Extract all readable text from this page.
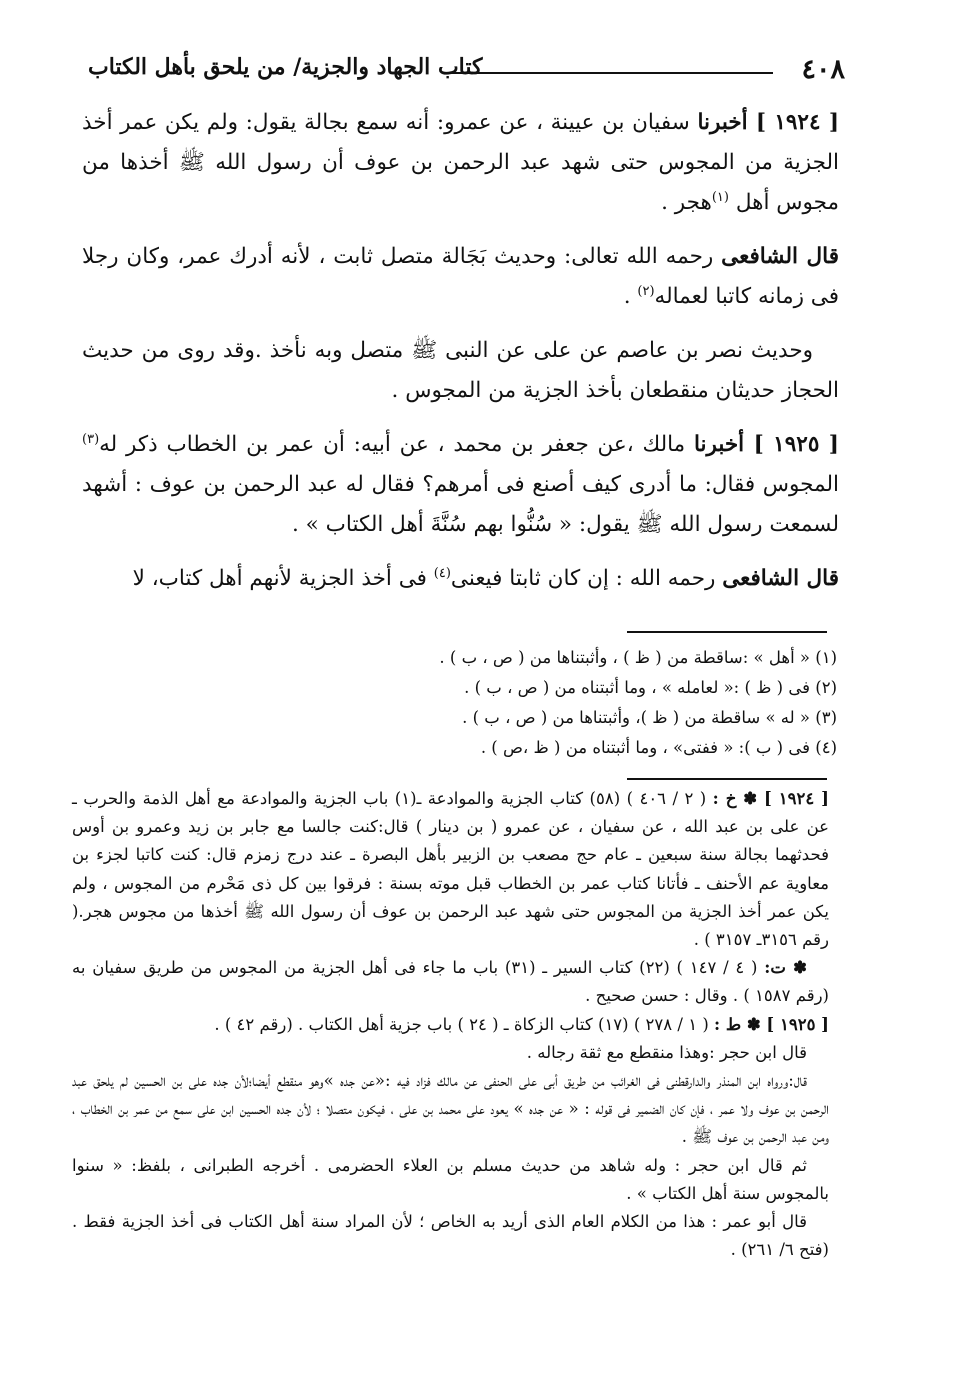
٤٠٨
كتاب الجهاد والجزية/ من يلحق بأهل الكتاب

[ ١٩٢٤ ] أخبرنا سفيان بن عيينة ، عن عمرو: أنه سمع بجالة يقول: ولم يكن عمر أخذ الجزية من المجوس حتى شهد عبد الرحمن بن عوف أن رسول الله ﷺ أخذها من مجوس أهل $^{(١)}$هجر .

قال الشافعى رحمه الله تعالى: وحديث بَجَالة متصل ثابت ، لأنه أدرك عمر، وكان رجلا فى زمانه كاتبا لعماله$^{(٢)}$ .

وحديث نصر بن عاصم عن على عن النبى ﷺ متصل وبه نأخذ .وقد روى من حديث الحجاز حديثان منقطعان بأخذ الجزية من المجوس .

[ ١٩٢٥ ] أخبرنا مالك ،عن جعفر بن محمد ، عن أبيه: أن عمر بن الخطاب ذكر له$^{(٣)}$ المجوس فقال: ما أدرى كيف أصنع فى أمرهم؟ فقال له عبد الرحمن بن عوف : أشهد لسمعت رسول الله ﷺ يقول: « سُنُّوا بهم سُنَّةَ أهل الكتاب » .

قال الشافعى رحمه الله : إن كان ثابتا فيعنى$^{(٤)}$ فى أخذ الجزية لأنهم أهل كتاب، لا

(١) « أهل » :ساقطة من ( ظ ) ، وأثبتناها من ( ص ، ب ) .
(٢) فى ( ظ ) :« لعامله » ، وما أثبتناه من ( ص ، ب ) .
(٣) « له » ساقطة من ( ظ )، وأثبتناها من ( ص ، ب ) .
(٤) فى ( ب ): « ففتى» ، وما أثبتناه من ( ظ ،ص ) .

[ ١٩٢٤ ] ✽ خ : ( ٢ / ٤٠٦ ) (٥٨) كتاب الجزية والموادعة ـ(١) باب الجزية والموادعة مع أهل الذمة والحرب ـ عن على بن عبد الله ، عن سفيان ، عن عمرو ( بن دينار ) قال:كنت جالسا مع جابر بن زيد وعمرو بن أوس فحدثهما بجالة سنة سبعين ـ عام حج مصعب بن الزبير بأهل البصرة ـ عند درج زمزم قال: كنت كاتبا لجزء بن معاوية عم الأحنف ـ فأتانا كتاب عمر بن الخطاب قبل موته بسنة : فرقوا بين كل ذى مَحْرم من المجوس ، ولم يكن عمر أخذ الجزية من المجوس حتى شهد عبد الرحمن بن عوف أن رسول الله ﷺ أخذها من مجوس هجر.( رقم ٣١٥٦ـ ٣١٥٧ ) .

✽ ت: ( ٤ / ١٤٧ ) (٢٢) كتاب السير ـ (٣١) باب ما جاء فى أهل الجزية من المجوس من طريق سفيان به (رقم ١٥٨٧ ) . وقال : حسن صحيح .

[ ١٩٢٥ ] ✽ ط : ( ١ / ٢٧٨ ) (١٧) كتاب الزكاة ـ ( ٢٤ ) باب جزية أهل الكتاب . (رقم ٤٢ ) .

قال ابن حجر :وهذا منقطع مع ثقة رجاله .

قال:ورواه ابن المنذر والدارقطنى فى الغرائب من طريق أبى على الحنفى عن مالك فزاد فيه :«عن جده »وهو منقطع أيضا؛لأن جده على بن الحسين لم يلحق عبد الرحمن بن عوف ولا عمر ، فإن كان الضمير فى قوله : « عن جده » يعود على محمد بن على ، فيكون متصلا ؛ لأن جده الحسين ابن على سمع من عمر بن الخطاب ، ومن عبد الرحمن بن عوف ﷺ .

ثم قال ابن حجر : وله شاهد من حديث مسلم بن العلاء الحضرمى . أخرجه الطبرانى ، بلفظ: « سنوا بالمجوس سنة أهل الكتاب » .

قال أبو عمر : هذا من الكلام العام الذى أريد به الخاص ؛ لأن المراد سنة أهل الكتاب فى أخذ الجزية فقط . (فتح ٦/ ٢٦١) .
